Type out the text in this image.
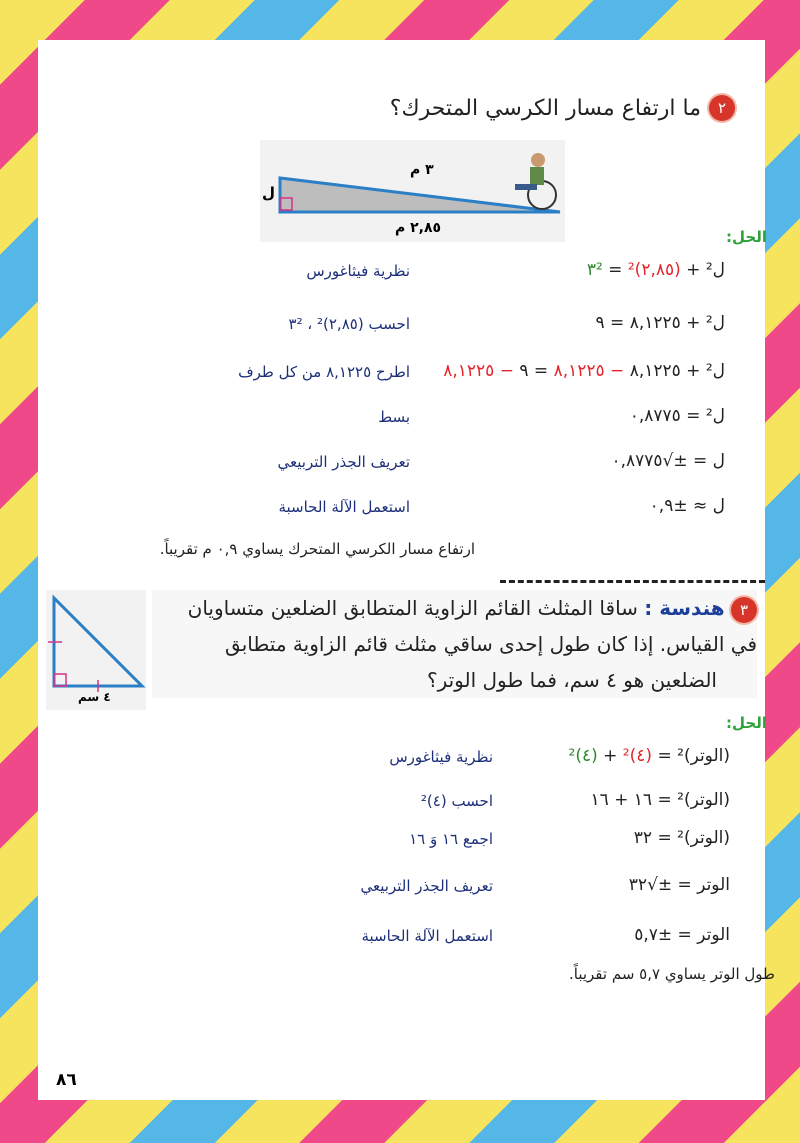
٢
ما ارتفاع مسار الكرسي المتحرك؟
٣ م
٢,٨٥ م
ل
الحل:
ل² + (٢,٨٥)² = ٣²
نظرية فيثاغورس
ل² + ٨,١٢٢٥ = ٩
احسب (٢,٨٥)² ، ٣²
ل² + ٨,١٢٢٥ − ٨,١٢٢٥ = ٩ − ٨,١٢٢٥
اطرح ٨,١٢٢٥ من كل طرف
ل² = ٠,٨٧٧٥
بسط
ل = ±√٠,٨٧٧٥
تعريف الجذر التربيعي
ل ≈ ±٠,٩
استعمل الآلة الحاسبة
ارتفاع مسار الكرسي المتحرك يساوي ٠,٩ م تقريباً.
٤ سم
٣ هندسة : ساقا المثلث القائم الزاوية المتطابق الضلعين متساويان
في القياس. إذا كان طول إحدى ساقي مثلث قائم الزاوية متطابق
الضلعين هو ٤ سم، فما طول الوتر؟
الحل:
(الوتر)² = (٤)² + (٤)²
نظرية فيثاغورس
(الوتر)² = ١٦ + ١٦
احسب (٤)²
(الوتر)² = ٣٢
اجمع ١٦ وَ ١٦
الوتر = ±√٣٢
تعريف الجذر التربيعي
الوتر = ±٥,٧
استعمل الآلة الحاسبة
طول الوتر يساوي ٥,٧ سم تقريباً.
٨٦
